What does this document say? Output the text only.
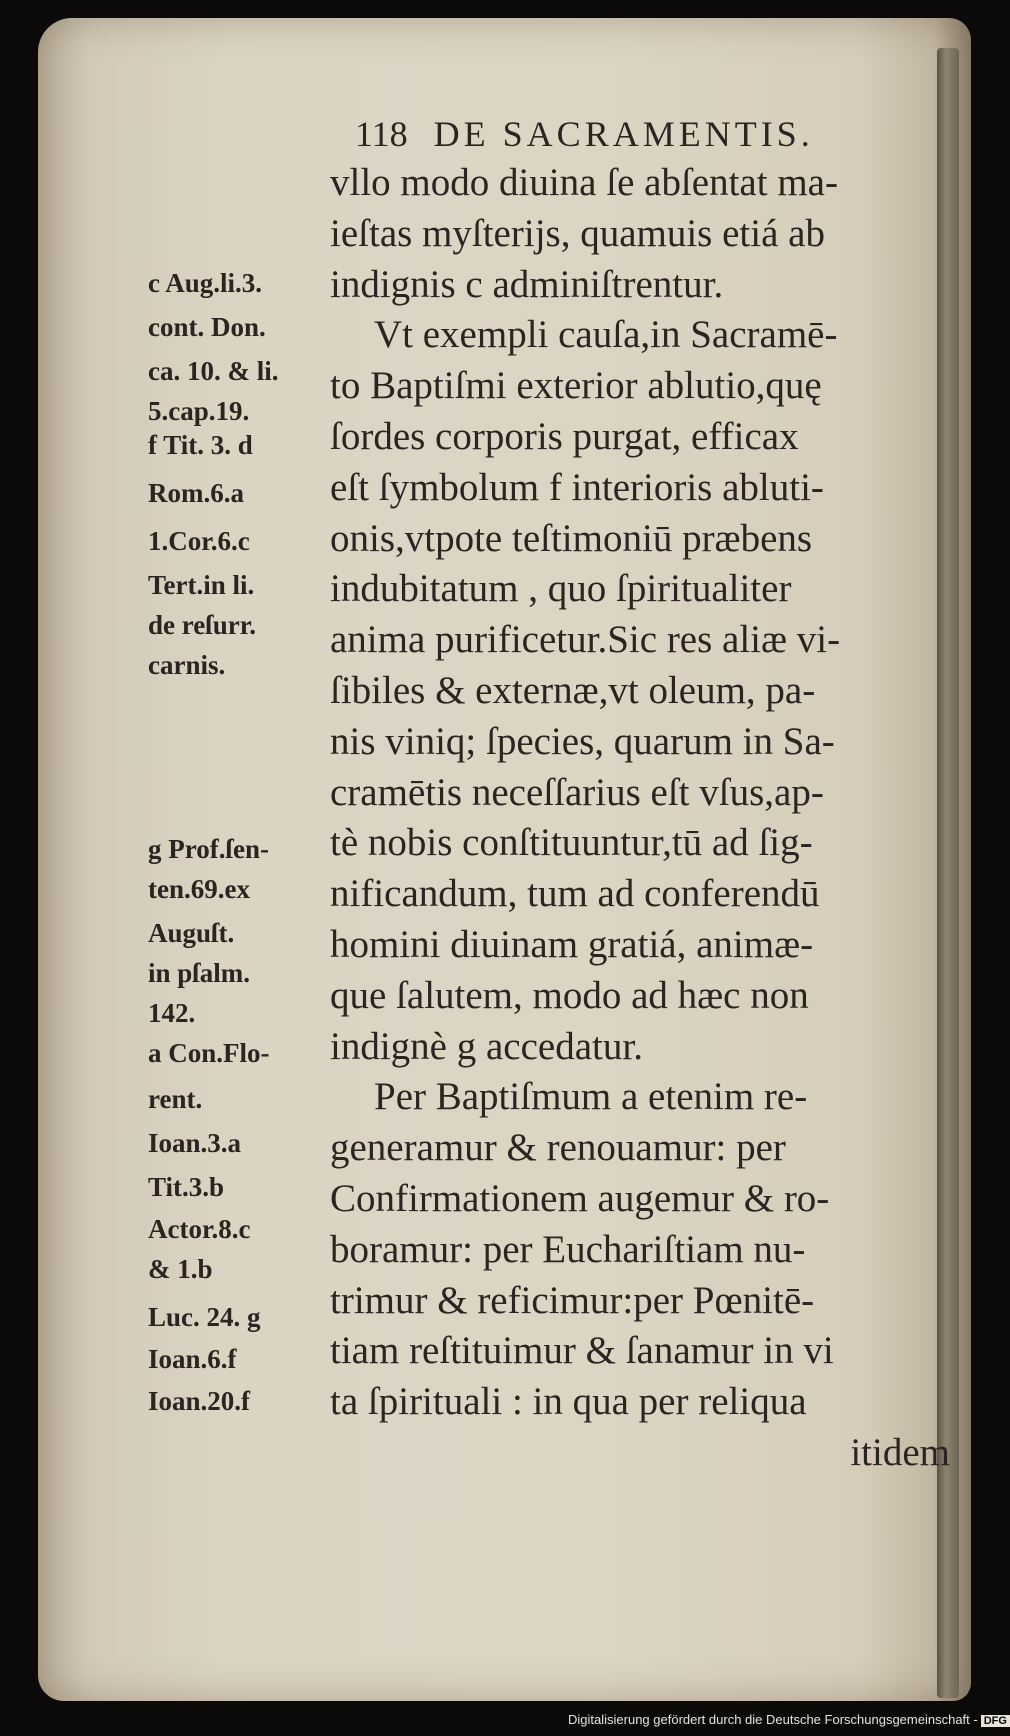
118 DE SACRAMENTIS.
vllo modo diuina ſe abſentat ma-
ieſtas myſterijs, quamuis etiá ab
indignis c adminiſtrentur.
Vt exempli cauſa,in Sacramē-
to Baptiſmi exterior ablutio,quę
ſordes corporis purgat, efficax
eſt ſymbolum f interioris abluti-
onis,vtpote teſtimoniū præbens
indubitatum , quo ſpiritualiter
anima purificetur.Sic res aliæ vi-
ſibiles & externæ,vt oleum, pa-
nis viniq; ſpecies, quarum in Sa-
cramētis neceſſarius eſt vſus,ap-
tè nobis conſtituuntur,tū ad ſig-
nificandum, tum ad conferendū
homini diuinam gratiá, animæ-
que ſalutem, modo ad hæc non
indignè g accedatur.
Per Baptiſmum a etenim re-
generamur & renouamur: per
Confirmationem augemur & ro-
boramur: per Euchariſtiam nu-
trimur & reficimur:per Pœnitē-
tiam reſtituimur & ſanamur in vi
ta ſpirituali : in qua per reliqua
itidem
c Aug.li.3.
cont. Don.
ca. 10. & li.
5.cap.19.
f Tit. 3. d
Rom.6.a
1.Cor.6.c
Tert.in li.
de reſurr.
carnis.
g Prof.ſen-
ten.69.ex
Auguſt.
in pſalm.
142.
a Con.Flo-
rent.
Ioan.3.a
Tit.3.b
Actor.8.c
& 1.b
Luc. 24. g
Ioan.6.f
Ioan.20.f
Digitalisierung gefördert durch die Deutsche Forschungsgemeinschaft - DFG
